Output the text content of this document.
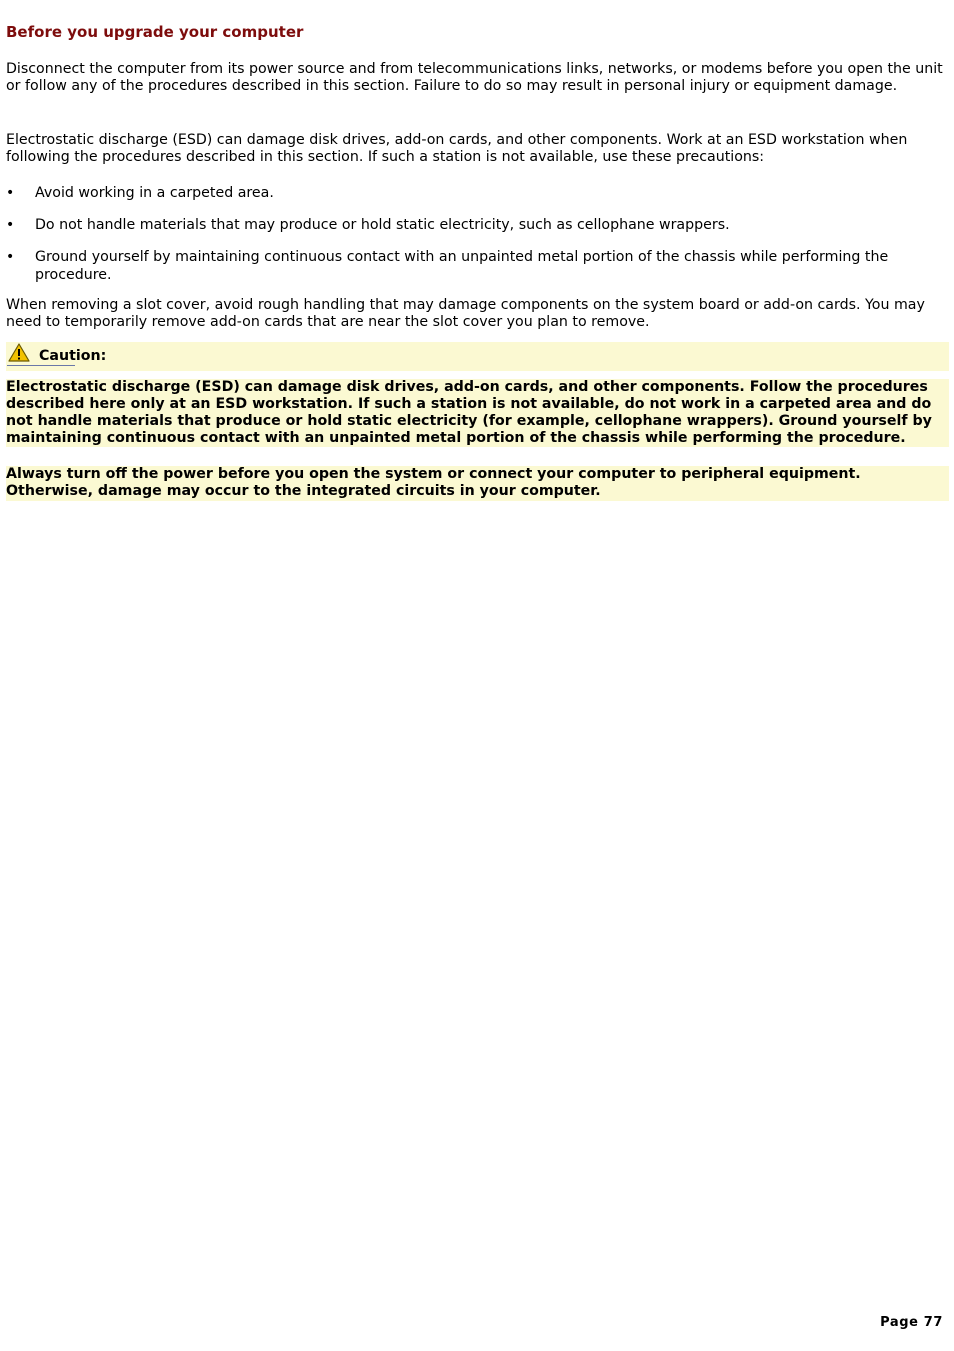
Before you upgrade your computer

Disconnect the computer from its power source and from telecommunications links, networks, or modems before you open the unit or follow any of the procedures described in this section. Failure to do so may result in personal injury or equipment damage.

Electrostatic discharge (ESD) can damage disk drives, add-on cards, and other components. Work at an ESD workstation when following the procedures described in this section. If such a station is not available, use these precautions:

• Avoid working in a carpeted area.
• Do not handle materials that may produce or hold static electricity, such as cellophane wrappers.
• Ground yourself by maintaining continuous contact with an unpainted metal portion of the chassis while performing the procedure.

When removing a slot cover, avoid rough handling that may damage components on the system board or add-on cards. You may need to temporarily remove add-on cards that are near the slot cover you plan to remove.

Caution:

Electrostatic discharge (ESD) can damage disk drives, add-on cards, and other components. Follow the procedures described here only at an ESD workstation. If such a station is not available, do not work in a carpeted area and do not handle materials that produce or hold static electricity (for example, cellophane wrappers). Ground yourself by maintaining continuous contact with an unpainted metal portion of the chassis while performing the procedure.

Always turn off the power before you open the system or connect your computer to peripheral equipment. Otherwise, damage may occur to the integrated circuits in your computer.

Page 77
